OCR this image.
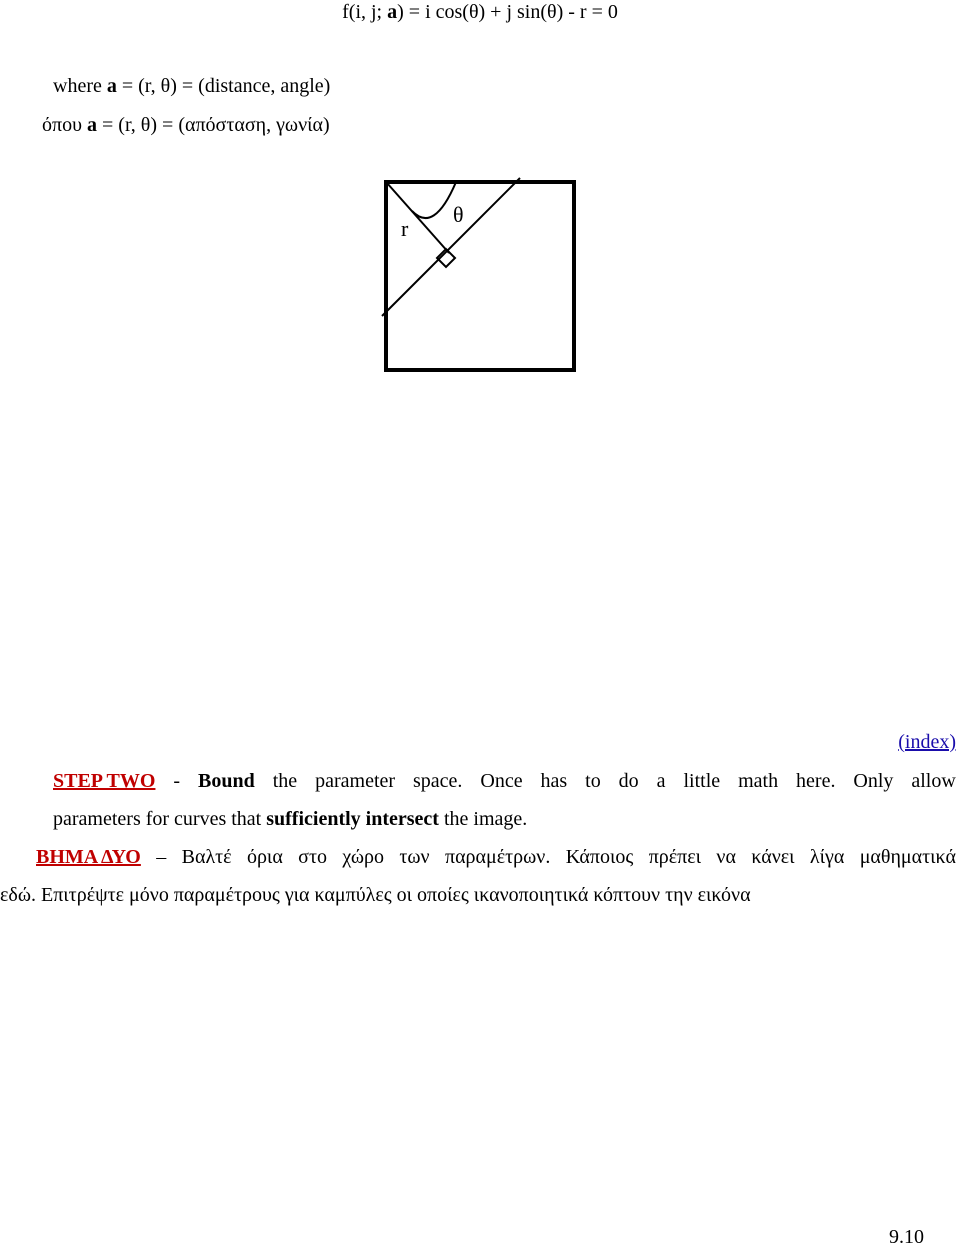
f(i, j; a) = i cos(θ) + j sin(θ) - r = 0
where a = (r, θ) = (distance, angle)
όπου a = (r, θ) = (απόσταση, γωνία)
r
θ
(index)
STEP TWO - Bound the parameter space. Once has to do a little math here. Only allow
parameters for curves that sufficiently intersect the image.
ΒΗΜΑ ΔΥΟ – Βαλτέ όρια στο χώρο των παραμέτρων. Κάποιος πρέπει να κάνει λίγα μαθηματικά
εδώ. Επιτρέψτε μόνο παραμέτρους για καμπύλες οι οποίες ικανοποιητικά κόπτουν την εικόνα
9.10
